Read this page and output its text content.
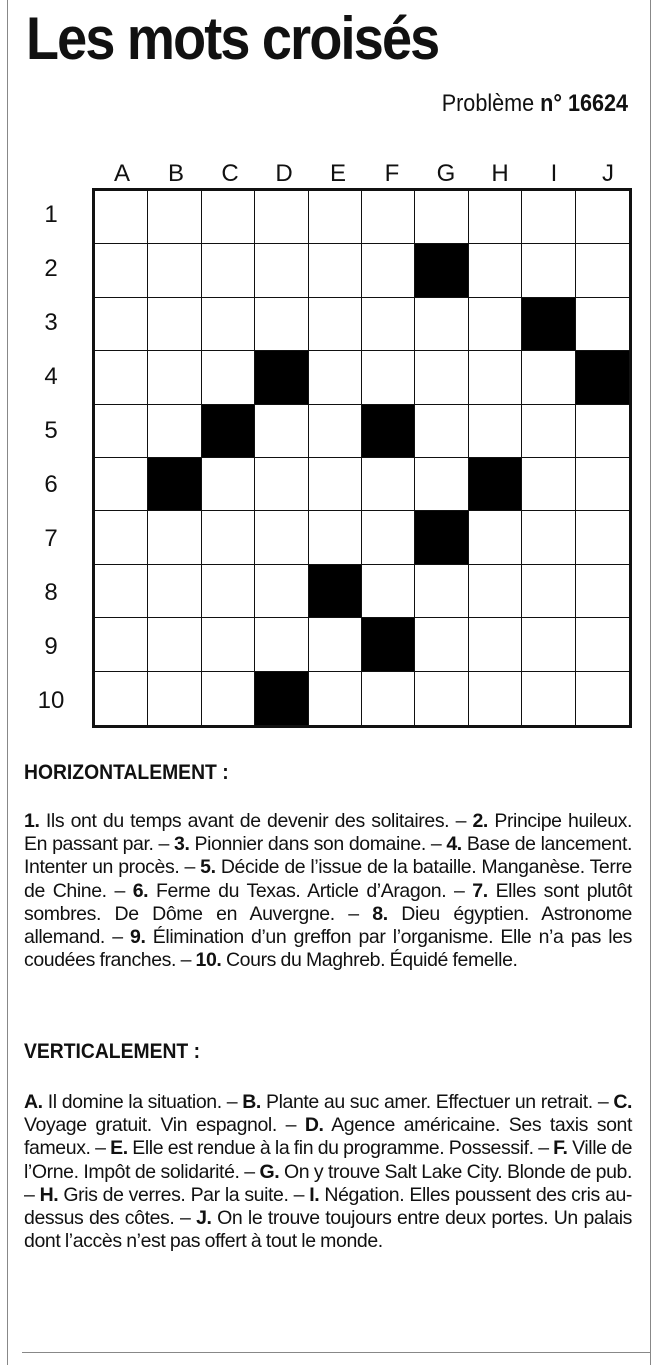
Les mots croisés
Problème n° 16624
A	B	C	D	E	F	G	H	I	J
1
2
3
4
5
6
7
8
9
10
HORIZONTALEMENT :
1. Ils ont du temps avant de devenir des solitaires. – 2. Principe huileux. En passant par. – 3. Pionnier dans son domaine. – 4. Base de lancement. Intenter un procès. – 5. Décide de l’issue de la bataille. Manganèse. Terre de Chine. – 6. Ferme du Texas. Article d’Aragon. – 7. Elles sont plutôt sombres. De Dôme en Auvergne. – 8. Dieu égyptien. Astronome allemand. – 9. Élimination d’un greffon par l’organisme. Elle n’a pas les coudées franches. – 10. Cours du Maghreb. Équidé femelle.
VERTICALEMENT :
A. Il domine la situation. – B. Plante au suc amer. Effectuer un retrait. – C. Voyage gratuit. Vin espagnol. – D. Agence américaine. Ses taxis sont fameux. – E. Elle est rendue à la fin du programme. Possessif. – F. Ville de l’Orne. Impôt de solidarité. – G. On y trouve Salt Lake City. Blonde de pub. – H. Gris de verres. Par la suite. – I. Négation. Elles poussent des cris au-dessus des côtes. – J. On le trouve toujours entre deux portes. Un palais dont l’accès n’est pas offert à tout le monde.
